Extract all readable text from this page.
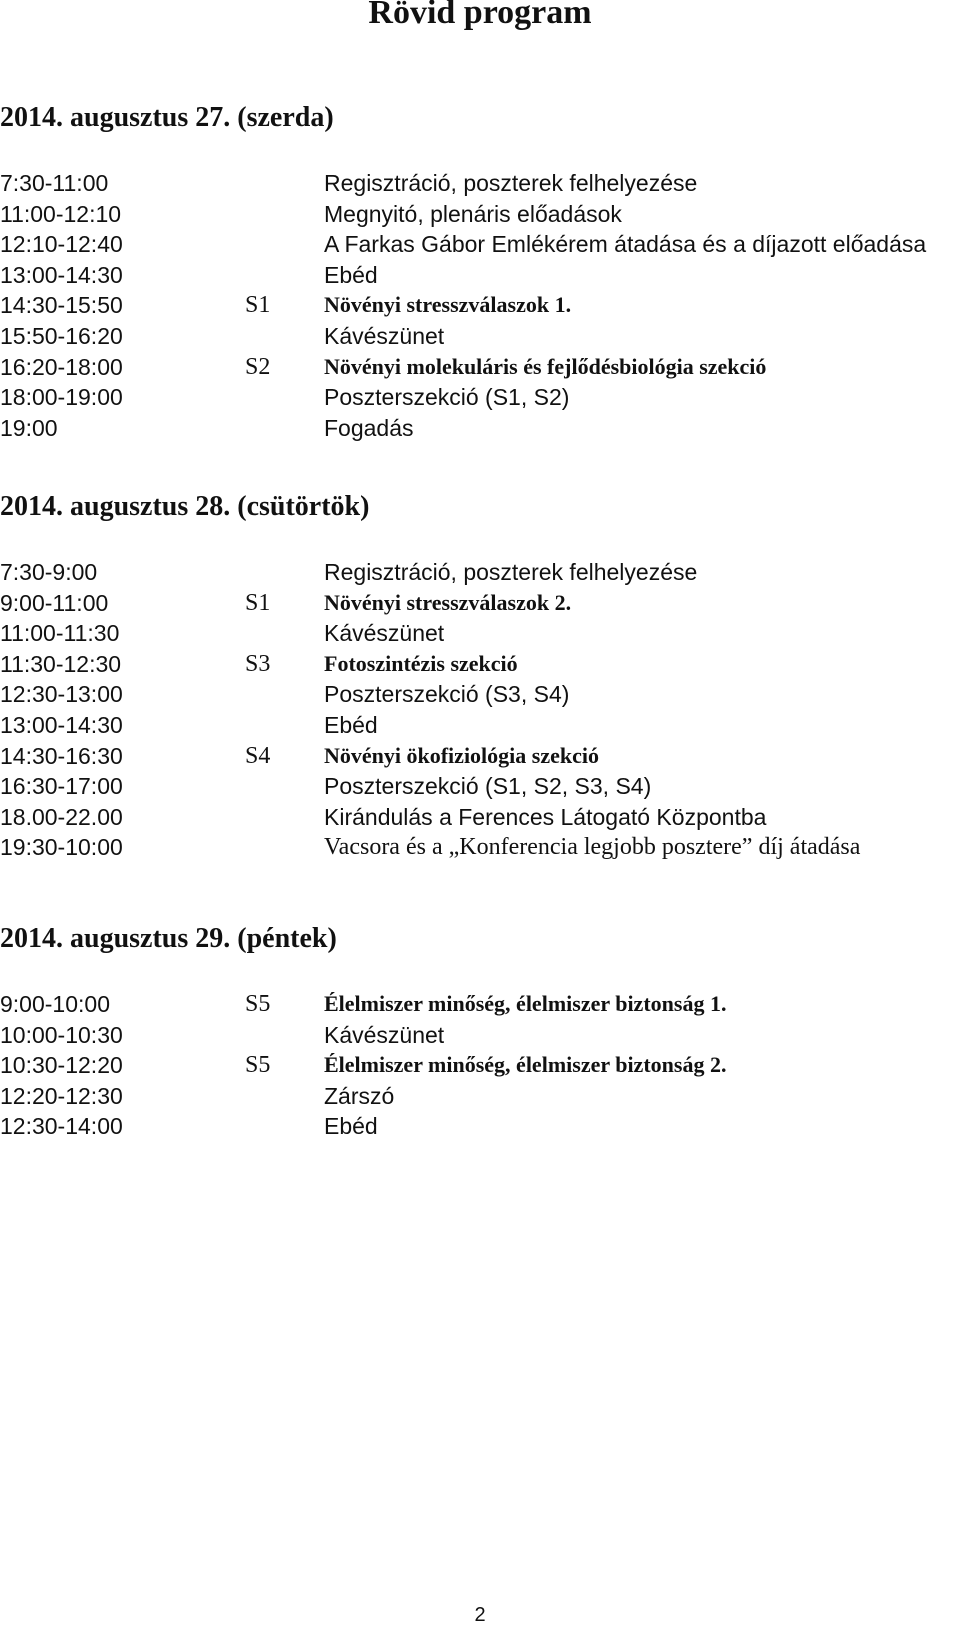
Rövid program
2014. augusztus 27. (szerda)
7:30-11:00	Regisztráció, poszterek felhelyezése
11:00-12:10	Megnyitó, plenáris előadások
12:10-12:40	A Farkas Gábor Emlékérem átadása és a díjazott előadása
13:00-14:30	Ebéd
14:30-15:50	S1 Növényi stresszválaszok 1.
15:50-16:20	Kávészünet
16:20-18:00	S2 Növényi molekuláris és fejlődésbiológia szekció
18:00-19:00	Poszterszekció (S1, S2)
19:00	Fogadás
2014. augusztus 28. (csütörtök)
7:30-9:00	Regisztráció, poszterek felhelyezése
9:00-11:00	S1 Növényi stresszválaszok 2.
11:00-11:30	Kávészünet
11:30-12:30	S3 Fotoszintézis szekció
12:30-13:00	Poszterszekció (S3, S4)
13:00-14:30	Ebéd
14:30-16:30	S4 Növényi ökofiziológia szekció
16:30-17:00	Poszterszekció (S1, S2, S3, S4)
18.00-22.00	Kirándulás a Ferences Látogató Központba
19:30-10:00	Vacsora és a „Konferencia legjobb posztere” díj átadása
2014. augusztus 29. (péntek)
9:00-10:00	S5 Élelmiszer minőség, élelmiszer biztonság 1.
10:00-10:30	Kávészünet
10:30-12:20	S5 Élelmiszer minőség, élelmiszer biztonság 2.
12:20-12:30	Zárszó
12:30-14:00	Ebéd
2
